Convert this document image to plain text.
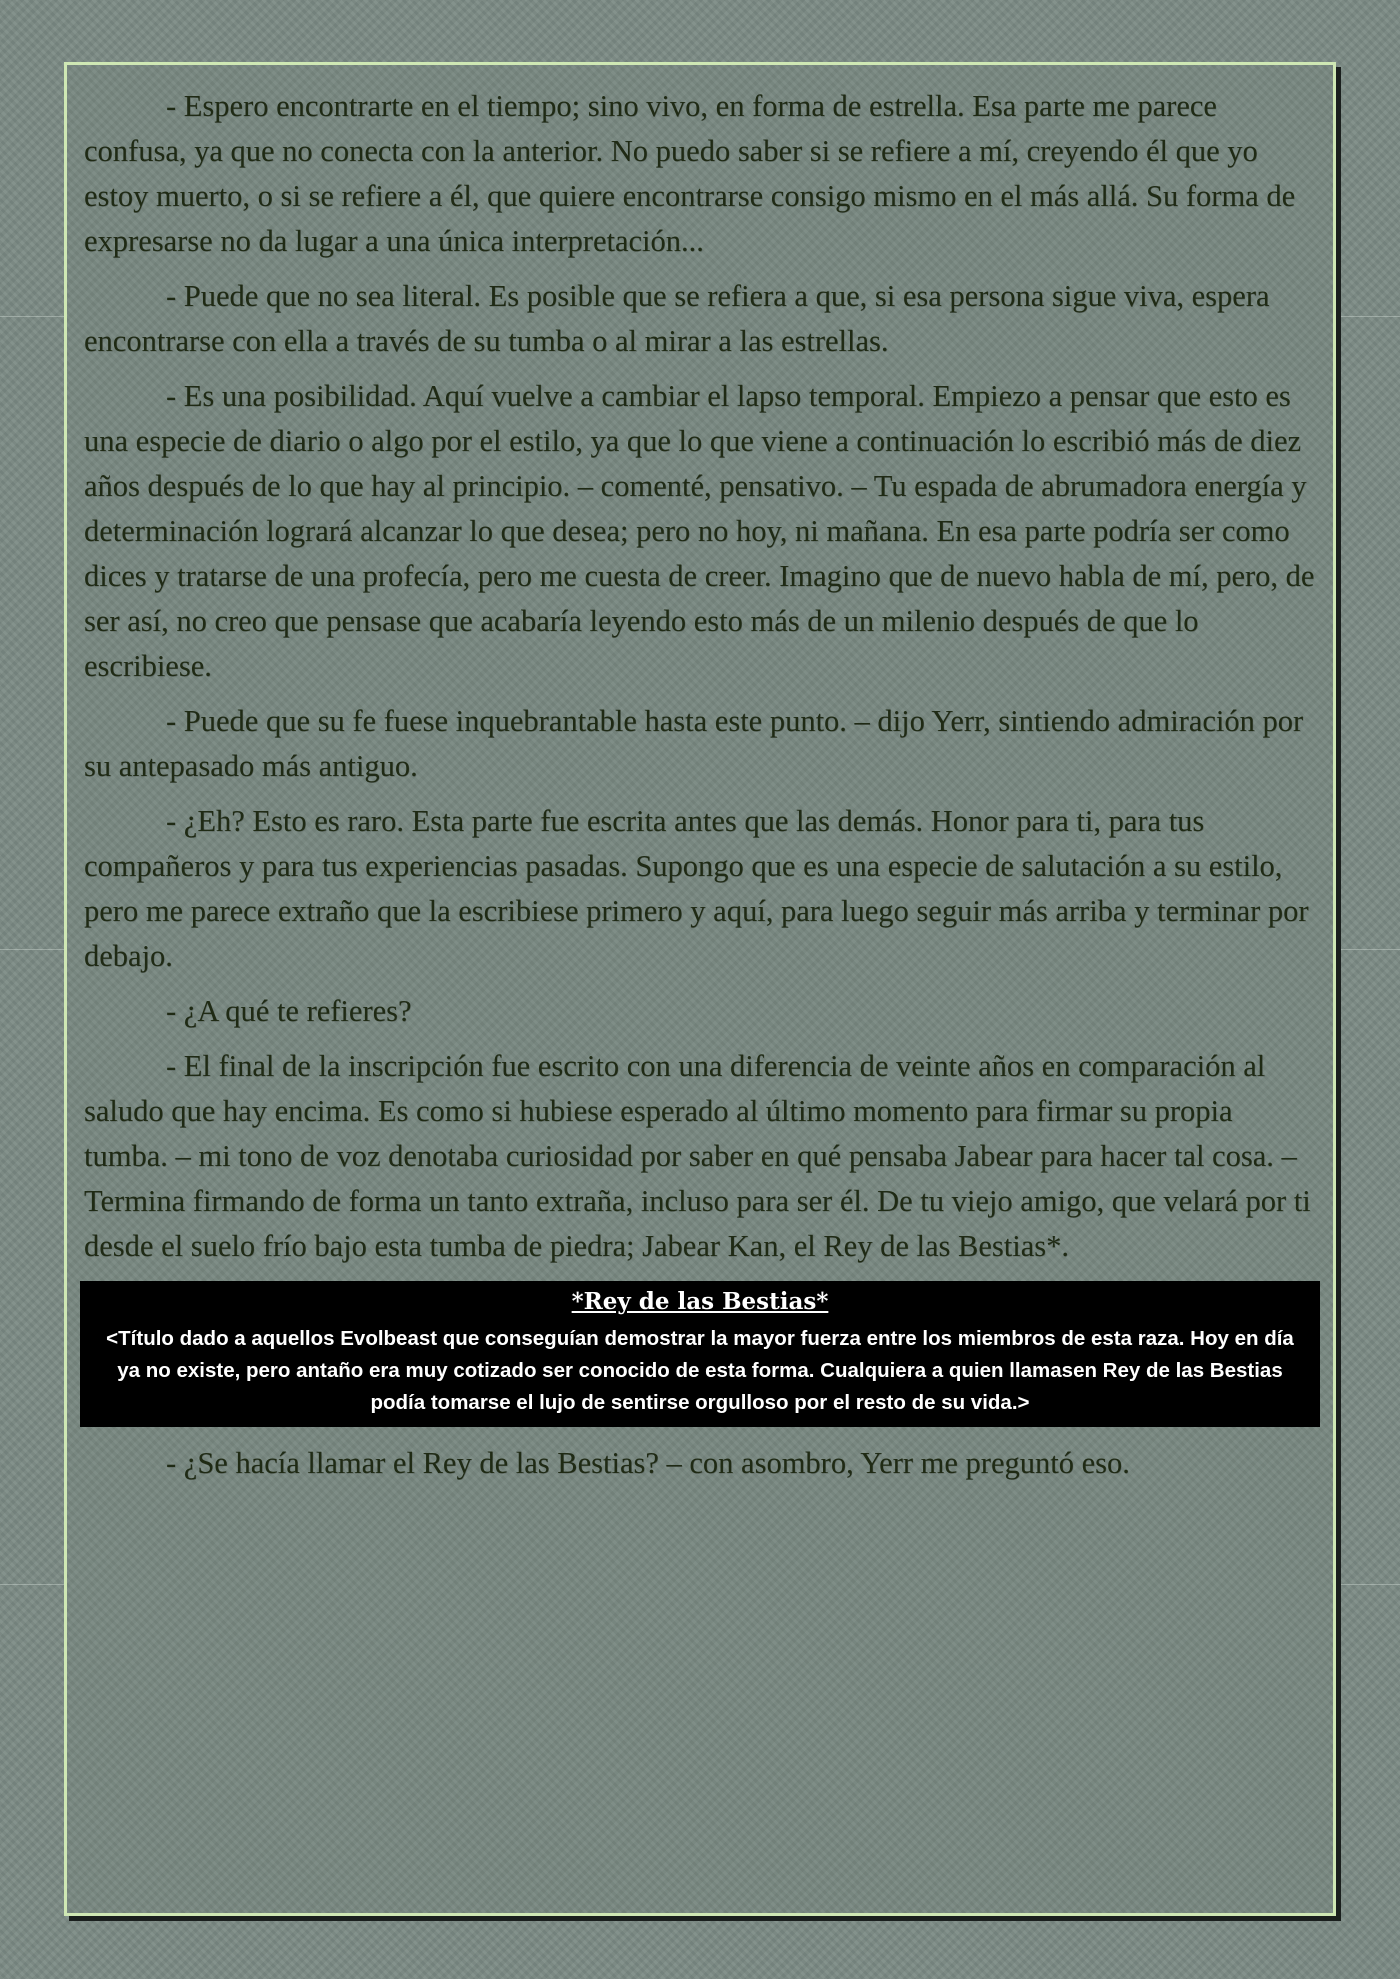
- Espero encontrarte en el tiempo; sino vivo, en forma de estrella. Esa parte me parece confusa, ya que no conecta con la anterior. No puedo saber si se refiere a mí, creyendo él que yo estoy muerto, o si se refiere a él, que quiere encontrarse consigo mismo en el más allá. Su forma de expresarse no da lugar a una única interpretación...

- Puede que no sea literal. Es posible que se refiera a que, si esa persona sigue viva, espera encontrarse con ella a través de su tumba o al mirar a las estrellas.

- Es una posibilidad. Aquí vuelve a cambiar el lapso temporal. Empiezo a pensar que esto es una especie de diario o algo por el estilo, ya que lo que viene a continuación lo escribió más de diez años después de lo que hay al principio. – comenté, pensativo. – Tu espada de abrumadora energía y determinación logrará alcanzar lo que desea; pero no hoy, ni mañana. En esa parte podría ser como dices y tratarse de una profecía, pero me cuesta de creer. Imagino que de nuevo habla de mí, pero, de ser así, no creo que pensase que acabaría leyendo esto más de un milenio después de que lo escribiese.

- Puede que su fe fuese inquebrantable hasta este punto. – dijo Yerr, sintiendo admiración por su antepasado más antiguo.

- ¿Eh? Esto es raro. Esta parte fue escrita antes que las demás. Honor para ti, para tus compañeros y para tus experiencias pasadas. Supongo que es una especie de salutación a su estilo, pero me parece extraño que la escribiese primero y aquí, para luego seguir más arriba y terminar por debajo.

- ¿A qué te refieres?

- El final de la inscripción fue escrito con una diferencia de veinte años en comparación al saludo que hay encima. Es como si hubiese esperado al último momento para firmar su propia tumba. – mi tono de voz denotaba curiosidad por saber en qué pensaba Jabear para hacer tal cosa. – Termina firmando de forma un tanto extraña, incluso para ser él. De tu viejo amigo, que velará por ti desde el suelo frío bajo esta tumba de piedra; Jabear Kan, el Rey de las Bestias*.

*Rey de las Bestias*

<Título dado a aquellos Evolbeast que conseguían demostrar la mayor fuerza entre los miembros de esta raza. Hoy en día ya no existe, pero antaño era muy cotizado ser conocido de esta forma. Cualquiera a quien llamasen Rey de las Bestias podía tomarse el lujo de sentirse orgulloso por el resto de su vida.>

- ¿Se hacía llamar el Rey de las Bestias? – con asombro, Yerr me preguntó eso.
